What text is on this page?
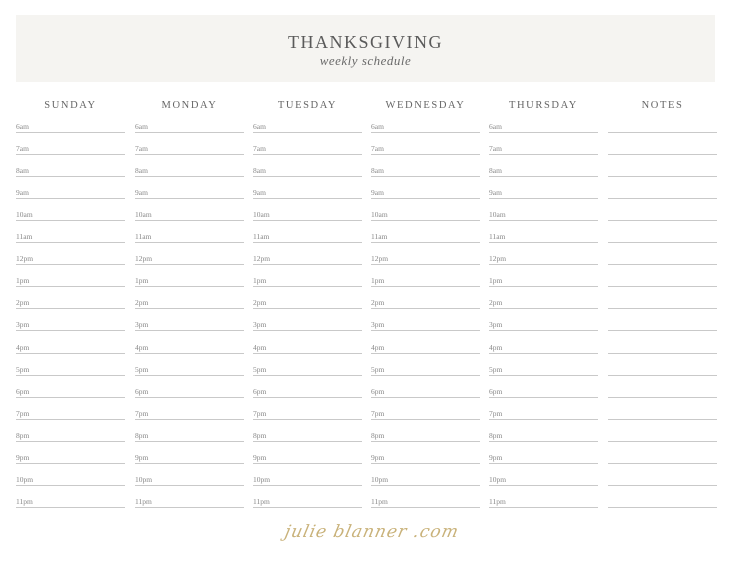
THANKSGIVING
weekly schedule
SUNDAY
6am
7am
8am
9am
10am
11am
12pm
1pm
2pm
3pm
4pm
5pm
6pm
7pm
8pm
9pm
10pm
11pm
MONDAY
6am
7am
8am
9am
10am
11am
12pm
1pm
2pm
3pm
4pm
5pm
6pm
7pm
8pm
9pm
10pm
11pm
TUESDAY
6am
7am
8am
9am
10am
11am
12pm
1pm
2pm
3pm
4pm
5pm
6pm
7pm
8pm
9pm
10pm
11pm
WEDNESDAY
6am
7am
8am
9am
10am
11am
12pm
1pm
2pm
3pm
4pm
5pm
6pm
7pm
8pm
9pm
10pm
11pm
THURSDAY
6am
7am
8am
9am
10am
11am
12pm
1pm
2pm
3pm
4pm
5pm
6pm
7pm
8pm
9pm
10pm
11pm
NOTES
julie blanner .com
